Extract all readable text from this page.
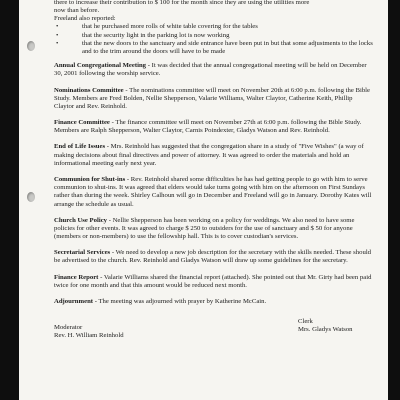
there to increase their contribution to $ 100 for the month since they are using the utilities more
now than before.

Freeland also reported:

• that he purchased more rolls of white table covering for the tables
• that the security light in the parking lot is now working
• that the new doors to the sanctuary and side entrance have been put in but that some adjustments to the locks and to the trim around the doors will have to be made

Annual Congregational Meeting - It was decided that the annual congregational meeting will be held on December 30, 2001 following the worship service.

Nominations Committee - The nominations committee will meet on November 20th at 6:00 p.m. following the Bible Study. Members are Fred Bolden, Nellie Shepperson, Valarie Williams, Walter Claytor, Catherine Keith, Phillip Claytor and Rev. Reinhold.

Finance Committee - The finance committee will meet on November 27th at 6:00 p.m. following the Bible Study. Members are Ralph Shepperson, Walter Claytor, Carnis Poindexter, Gladys Watson and Rev. Reinhold.

End of Life Issues - Mrs. Reinhold has suggested that the congregation share in a study of "Five Wishes" (a way of making decisions about final directives and power of attorney. It was agreed to order the materials and hold an informational meeting early next year.

Communion for Shut-ins - Rev. Reinhold shared some difficulties he has had getting people to go with him to serve communion to shut-ins. It was agreed that elders would take turns going with him on the afternoon on First Sundays rather than during the week. Shirley Calhoun will go in December and Freeland will go in January. Dorothy Kates will arrange the schedule as usual.

Church Use Policy - Nellie Shepperson has been working on a policy for weddings. We also need to have some policies for other events. It was agreed to charge $ 250 to outsiders for the use of sanctuary and $ 50 for anyone (members or non-members) to use the fellowship hall. This is to cover custodian's services.

Secretarial Services - We need to develop a new job description for the secretary with the skills needed. These should be advertised to the church. Rev. Reinhold and Gladys Watson will draw up some guidelines for the secretary.

Finance Report - Valarie Williams shared the financial report (attached). She pointed out that Mr. Girty had been paid twice for one month and that this amount would be reduced next month.

Adjournment - The meeting was adjourned with prayer by Katherine McCain.

Moderator
Rev. H. William Reinhold
Clerk
Mrs. Gladys Watson
